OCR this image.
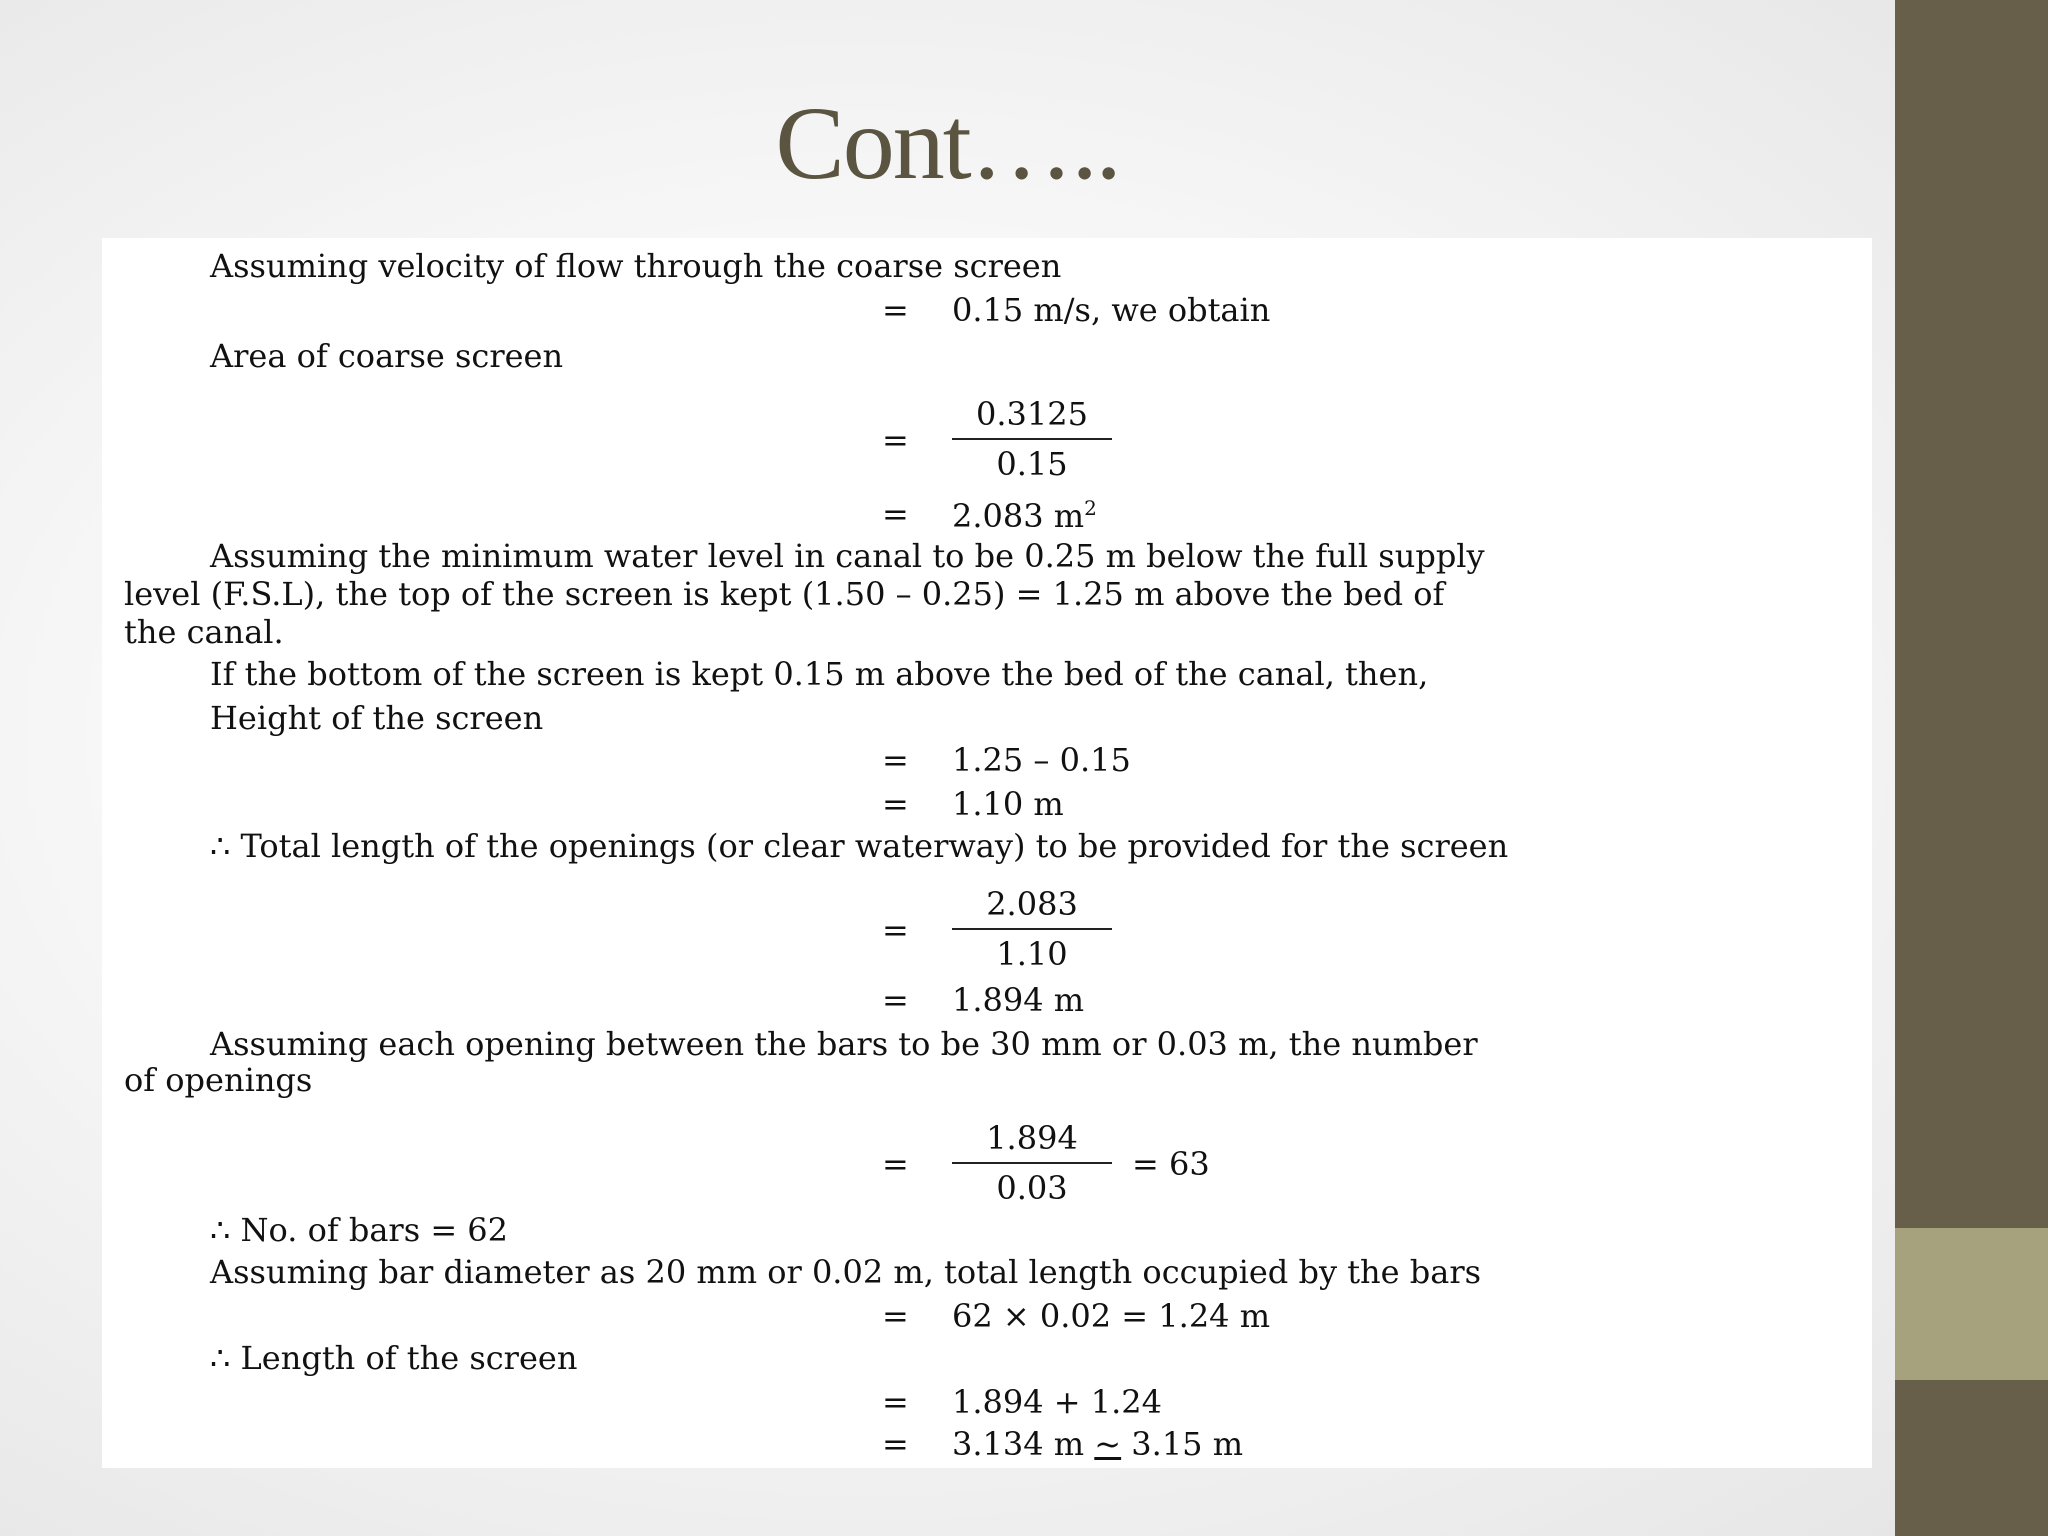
Cont…..
Assuming velocity of flow through the coarse screen
= 0.15 m/s, we obtain
Area of coarse screen
= $\frac{0.3125}{0.15}$
= 2.083 $m^2$
Assuming the minimum water level in canal to be 0.25 m below the full supply
level (F.S.L), the top of the screen is kept (1.50 – 0.25) = 1.25 m above the bed of
the canal.
If the bottom of the screen is kept 0.15 m above the bed of the canal, then,
Height of the screen
= 1.25 – 0.15
= 1.10 m
∴ Total length of the openings (or clear waterway) to be provided for the screen
= $\frac{2.083}{1.10}$
= 1.894 m
Assuming each opening between the bars to be 30 mm or 0.03 m, the number
of openings
= $\frac{1.894}{0.03} = 63$
∴ No. of bars = 62
Assuming bar diameter as 20 mm or 0.02 m, total length occupied by the bars
= 62 × 0.02 = 1.24 m
∴ Length of the screen
= 1.894 + 1.24
= 3.134 m ~ 3.15 m
